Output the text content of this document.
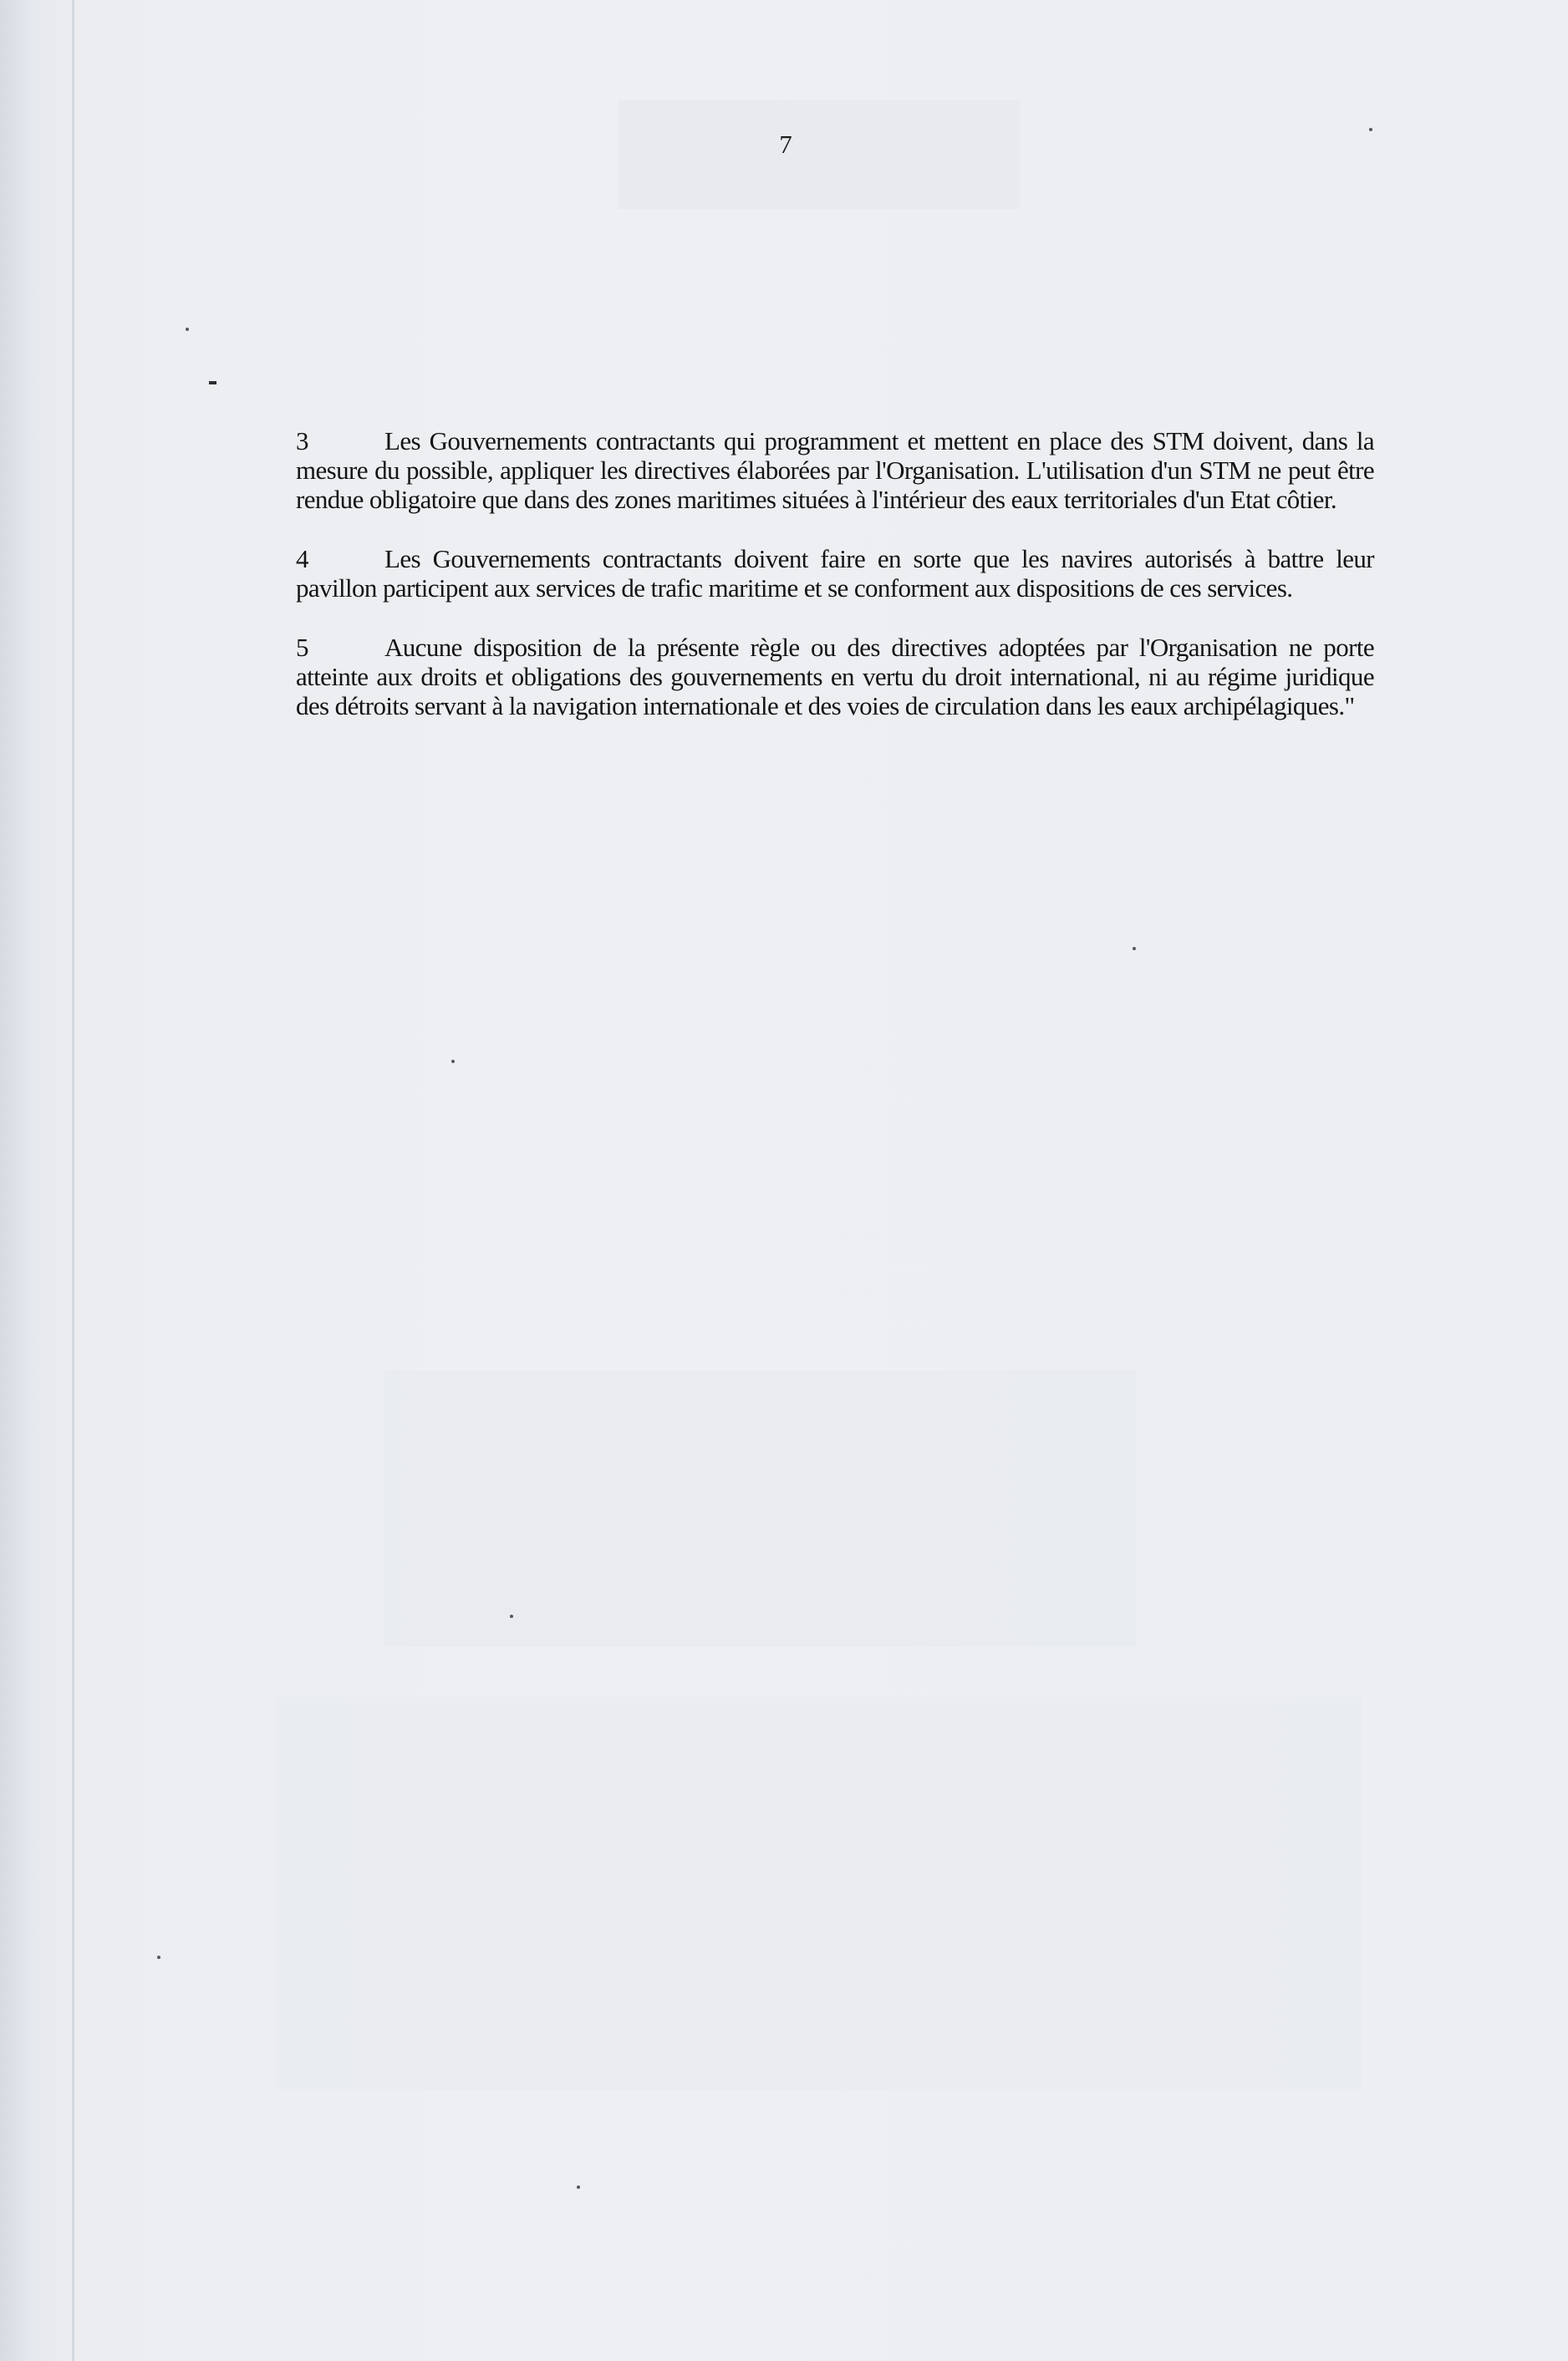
7

3	Les Gouvernements contractants qui programment et mettent en place des STM doivent, dans la mesure du possible, appliquer les directives élaborées par l'Organisation. L'utilisation d'un STM ne peut être rendue obligatoire que dans des zones maritimes situées à l'intérieur des eaux territoriales d'un Etat côtier.

4	Les Gouvernements contractants doivent faire en sorte que les navires autorisés à battre leur pavillon participent aux services de trafic maritime et se conforment aux dispositions de ces services.

5	Aucune disposition de la présente règle ou des directives adoptées par l'Organisation ne porte atteinte aux droits et obligations des gouvernements en vertu du droit international, ni au régime juridique des détroits servant à la navigation internationale et des voies de circulation dans les eaux archipélagiques."
